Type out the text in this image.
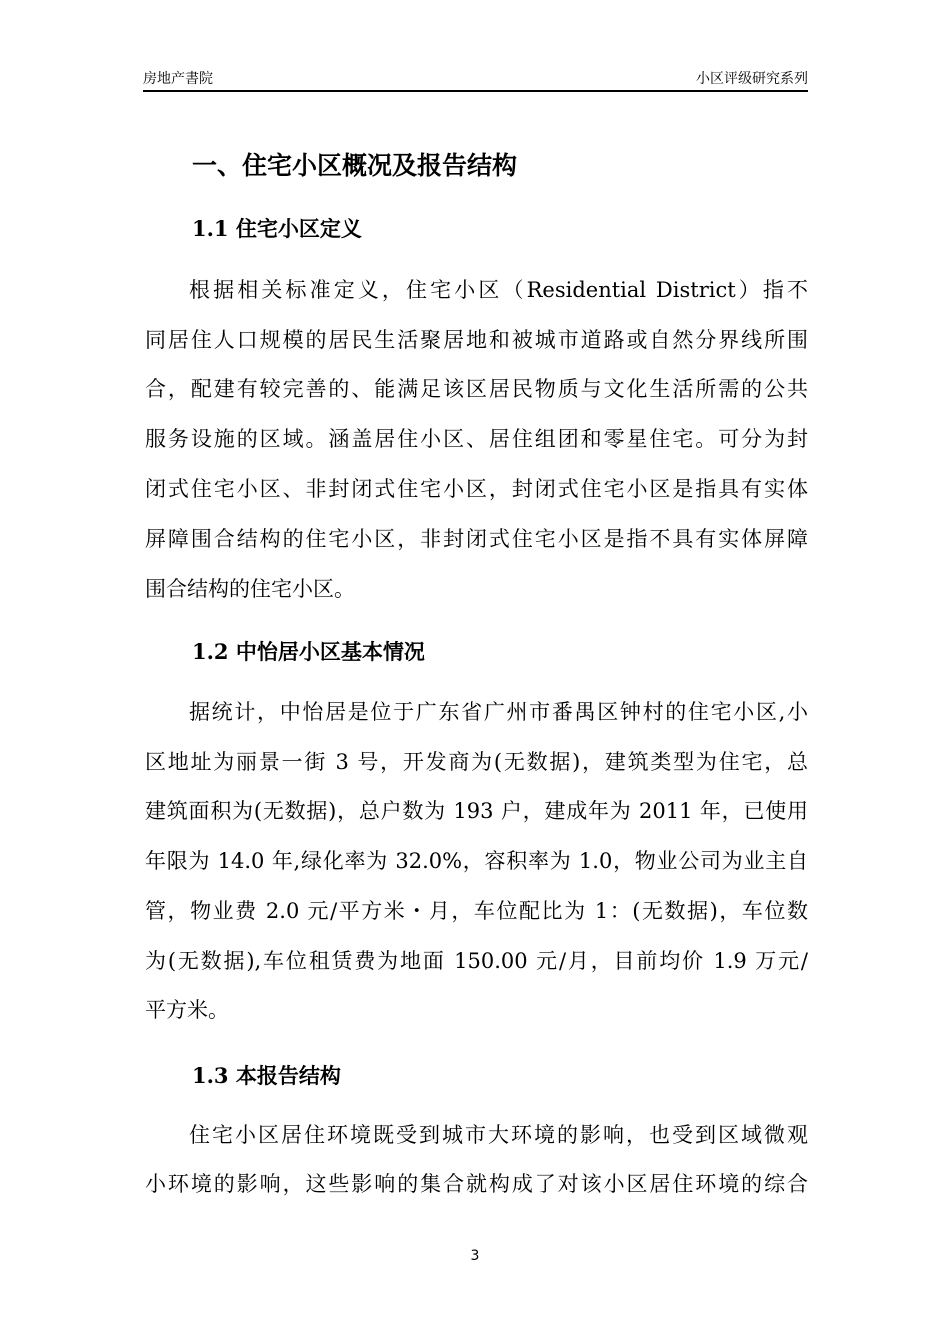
房地产書院	小区评级研究系列
一、住宅小区概况及报告结构
1.1 住宅小区定义
根据相关标准定义，住宅小区（Residential District）指不
同居住人口规模的居民生活聚居地和被城市道路或自然分界线所围
合，配建有较完善的、能满足该区居民物质与文化生活所需的公共
服务设施的区域。涵盖居住小区、居住组团和零星住宅。可分为封
闭式住宅小区、非封闭式住宅小区，封闭式住宅小区是指具有实体
屏障围合结构的住宅小区，非封闭式住宅小区是指不具有实体屏障
围合结构的住宅小区。
1.2 中怡居小区基本情况
据统计，中怡居是位于广东省广州市番禺区钟村的住宅小区,小
区地址为丽景一街 3 号，开发商为(无数据)，建筑类型为住宅，总
建筑面积为(无数据)，总户数为 193 户，建成年为 2011 年，已使用
年限为 14.0 年,绿化率为 32.0%，容积率为 1.0，物业公司为业主自
管，物业费 2.0 元/平方米・月，车位配比为 1：(无数据)，车位数
为(无数据),车位租赁费为地面 150.00 元/月，目前均价 1.9 万元/
平方米。
1.3 本报告结构
住宅小区居住环境既受到城市大环境的影响，也受到区域微观
小环境的影响，这些影响的集合就构成了对该小区居住环境的综合
3
